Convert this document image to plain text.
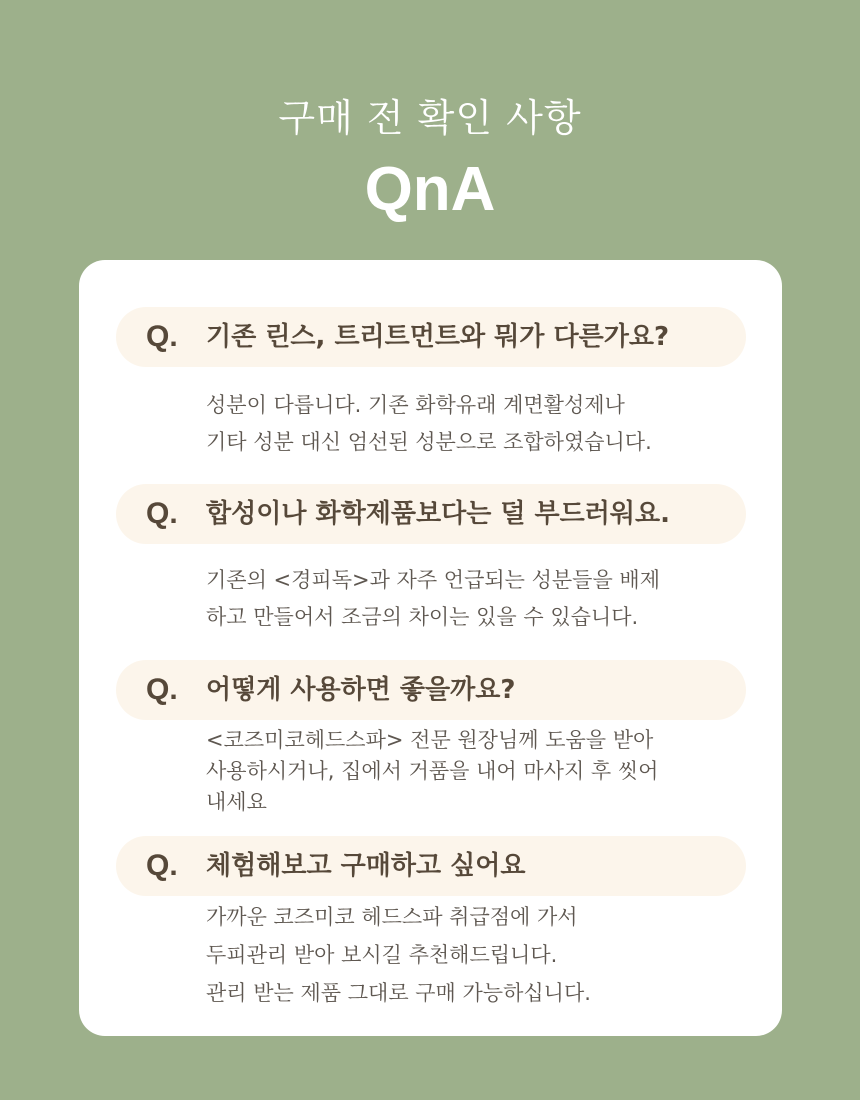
구매 전 확인 사항
QnA
Q. 기존 린스, 트리트먼트와 뭐가 다른가요?
성분이 다릅니다. 기존 화학유래 계면활성제나
기타 성분 대신 엄선된 성분으로 조합하였습니다.
Q. 합성이나 화학제품보다는 덜 부드러워요.
기존의 <경피독>과 자주 언급되는 성분들을 배제
하고 만들어서 조금의 차이는 있을 수 있습니다.
Q. 어떻게 사용하면 좋을까요?
<코즈미코헤드스파> 전문 원장님께 도움을 받아
사용하시거나, 집에서 거품을 내어 마사지 후 씻어
내세요
Q. 체험해보고 구매하고 싶어요
가까운 코즈미코 헤드스파 취급점에 가서
두피관리 받아 보시길 추천해드립니다.
관리 받는 제품 그대로 구매 가능하십니다.
